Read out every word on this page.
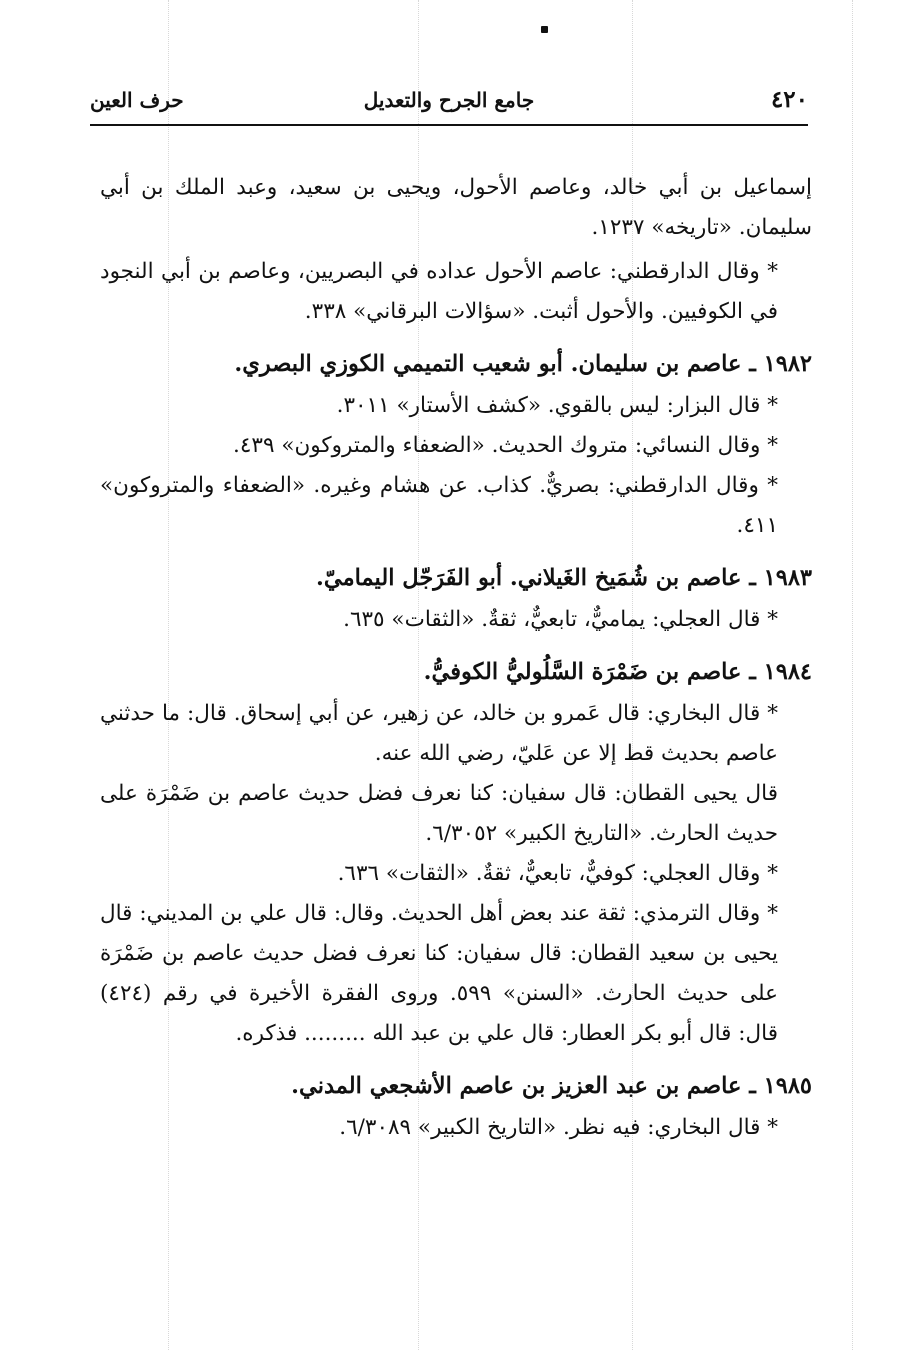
٤٢٠
جامع الجرح والتعديل
حرف العين

إسماعيل بن أبي خالد، وعاصم الأحول، ويحيى بن سعيد، وعبد الملك بن أبي سليمان. «تاريخه» ١٢٣٧.

* وقال الدارقطني: عاصم الأحول عداده في البصريين، وعاصم بن أبي النجود في الكوفيين. والأحول أثبت. «سؤالات البرقاني» ٣٣٨.

١٩٨٢ ـ عاصم بن سليمان. أبو شعيب التميمي الكوزي البصري.

* قال البزار: ليس بالقوي. «كشف الأستار» ٣٠١١.

* وقال النسائي: متروك الحديث. «الضعفاء والمتروكون» ٤٣٩.

* وقال الدارقطني: بصريٌّ. كذاب. عن هشام وغيره. «الضعفاء والمتروكون» ٤١١.

١٩٨٣ ـ عاصم بن شُمَيخ الغَيلاني. أبو الفَرَجّل اليماميّ.

* قال العجلي: يماميٌّ، تابعيٌّ، ثقةٌ. «الثقات» ٦٣٥.

١٩٨٤ ـ عاصم بن ضَمْرَة السَّلُوليُّ الكوفيُّ.

* قال البخاري: قال عَمرو بن خالد، عن زهير، عن أبي إسحاق. قال: ما حدثني عاصم بحديث قط إلا عن عَليّ، رضي الله عنه.

قال يحيى القطان: قال سفيان: كنا نعرف فضل حديث عاصم بن ضَمْرَة على حديث الحارث. «التاريخ الكبير» ٦/٣٠٥٢.

* وقال العجلي: كوفيٌّ، تابعيٌّ، ثقةٌ. «الثقات» ٦٣٦.

* وقال الترمذي: ثقة عند بعض أهل الحديث. وقال: قال علي بن المديني: قال يحيى بن سعيد القطان: قال سفيان: كنا نعرف فضل حديث عاصم بن ضَمْرَة على حديث الحارث. «السنن» ٥٩٩. وروى الفقرة الأخيرة في رقم (٤٢٤) قال: قال أبو بكر العطار: قال علي بن عبد الله ......... فذكره.

١٩٨٥ ـ عاصم بن عبد العزيز بن عاصم الأشجعي المدني.

* قال البخاري: فيه نظر. «التاريخ الكبير» ٦/٣٠٨٩.
